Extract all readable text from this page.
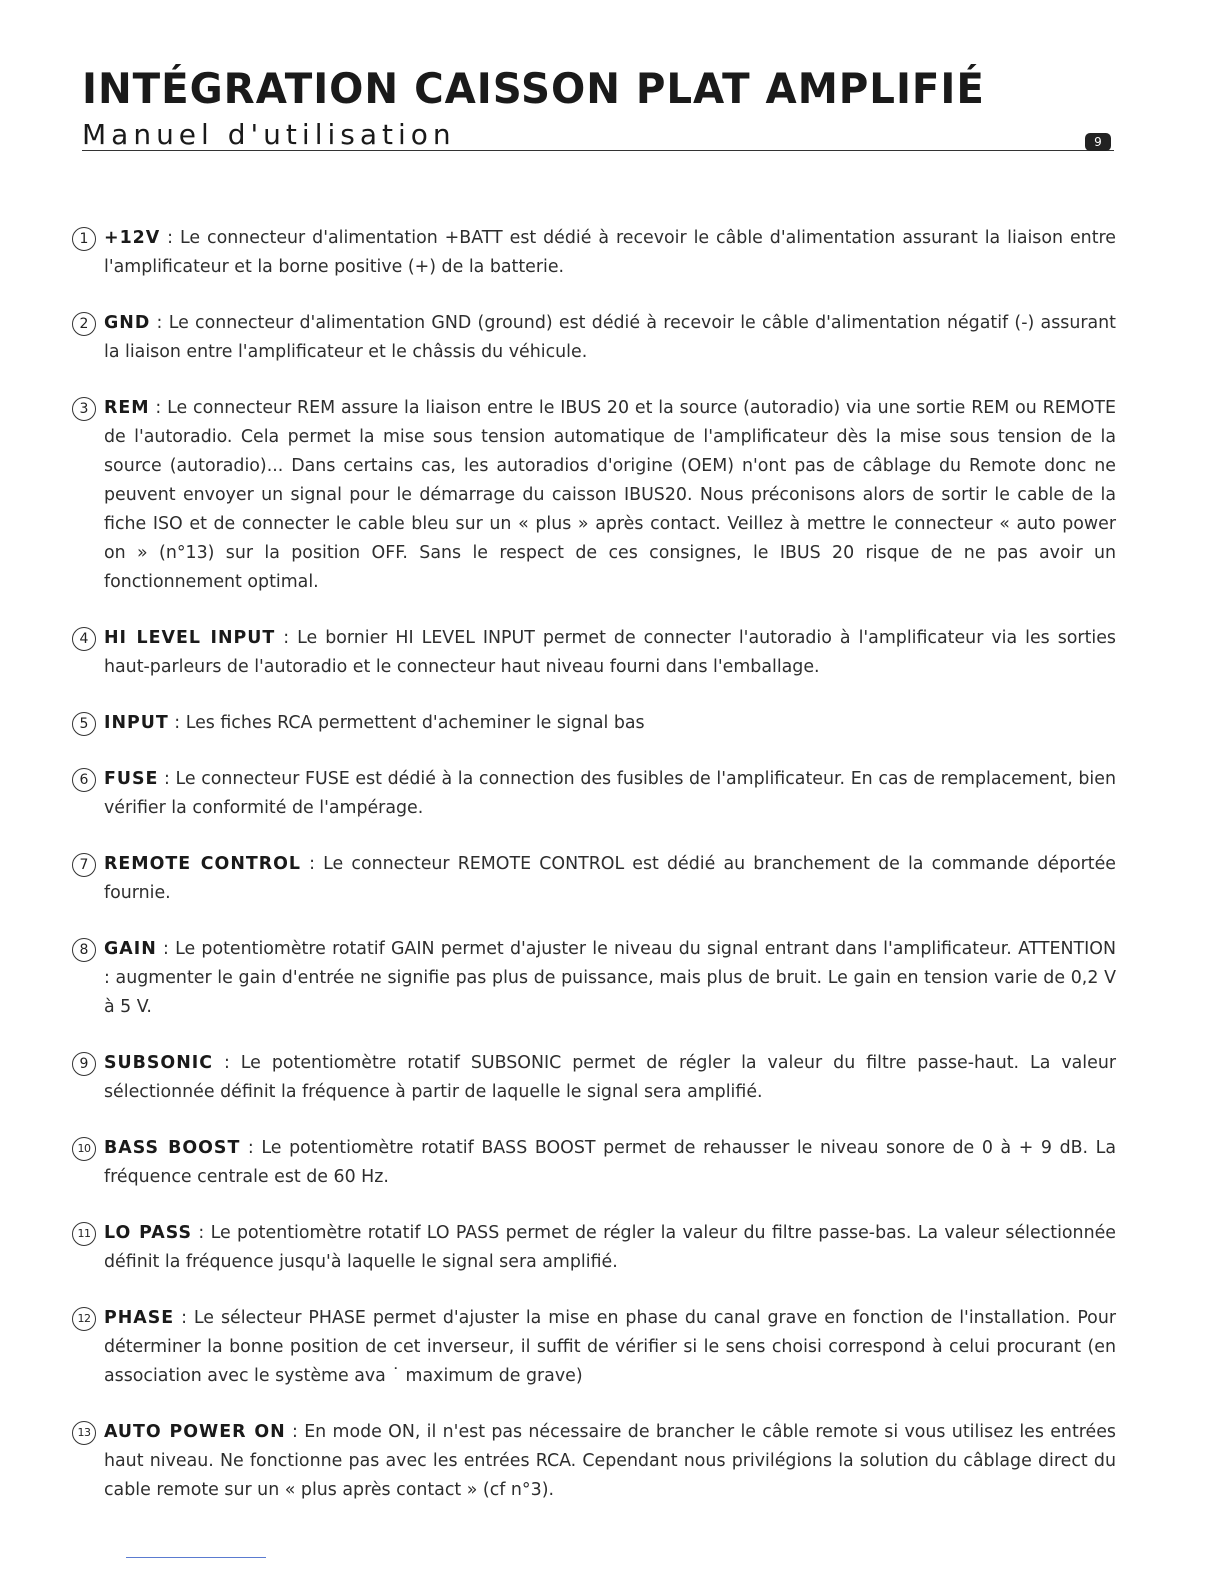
INTÉGRATION CAISSON PLAT AMPLIFIÉ
Manuel d'utilisation	9
1 +12V : Le connecteur d'alimentation +BATT est dédié à recevoir le câble d'alimentation assurant la liaison entre l'amplificateur et la borne positive (+) de la batterie.
2 GND : Le connecteur d'alimentation GND (ground) est dédié à recevoir le câble d'alimentation négatif (-) assurant la liaison entre l'amplificateur et le châssis du véhicule.
3 REM : Le connecteur REM assure la liaison entre le IBUS 20 et la source (autoradio) via une sortie REM ou REMOTE de l'autoradio. Cela permet la mise sous tension automatique de l'amplificateur dès la mise sous tension de la source (autoradio)... Dans certains cas, les autoradios d'origine (OEM) n'ont pas de câblage du Remote donc ne peuvent envoyer un signal pour le démarrage du caisson IBUS20. Nous préconisons alors de sortir le cable de la fiche ISO et de connecter le cable bleu sur un « plus » après contact. Veillez à mettre le connecteur « auto power on » (n°13) sur la position OFF. Sans le respect de ces consignes, le IBUS 20 risque de ne pas avoir un fonctionnement optimal.
4 HI LEVEL INPUT : Le bornier HI LEVEL INPUT permet de connecter l'autoradio à l'amplificateur via les sorties haut-parleurs de l'autoradio et le connecteur haut niveau fourni dans l'emballage.
5 INPUT : Les fiches RCA permettent d'acheminer le signal bas
6 FUSE : Le connecteur FUSE est dédié à la connection des fusibles de l'amplificateur. En cas de remplacement, bien vérifier la conformité de l'ampérage.
7 REMOTE CONTROL : Le connecteur REMOTE CONTROL est dédié au branchement de la commande déportée fournie.
8 GAIN : Le potentiomètre rotatif GAIN permet d'ajuster le niveau du signal entrant dans l'amplificateur. ATTENTION : augmenter le gain d'entrée ne signifie pas plus de puissance, mais plus de bruit. Le gain en tension varie de 0,2 V à 5 V.
9 SUBSONIC : Le potentiomètre rotatif SUBSONIC permet de régler la valeur du filtre passe-haut. La valeur sélectionnée définit la fréquence à partir de laquelle le signal sera amplifié.
10 BASS BOOST : Le potentiomètre rotatif BASS BOOST permet de rehausser le niveau sonore de 0 à + 9 dB. La fréquence centrale est de 60 Hz.
11 LO PASS : Le potentiomètre rotatif LO PASS permet de régler la valeur du filtre passe-bas. La valeur sélectionnée définit la fréquence jusqu'à laquelle le signal sera amplifié.
12 PHASE : Le sélecteur PHASE permet d'ajuster la mise en phase du canal grave en fonction de l'installation. Pour déterminer la bonne position de cet inverseur, il suffit de vérifier si le sens choisi correspond à celui procurant (en association avec le système ava ˙ maximum de grave)
13 AUTO POWER ON : En mode ON, il n'est pas nécessaire de brancher le câble remote si vous utilisez les entrées haut niveau. Ne fonctionne pas avec les entrées RCA. Cependant nous privilégions la solution du câblage direct du cable remote sur un « plus après contact » (cf n°3).
